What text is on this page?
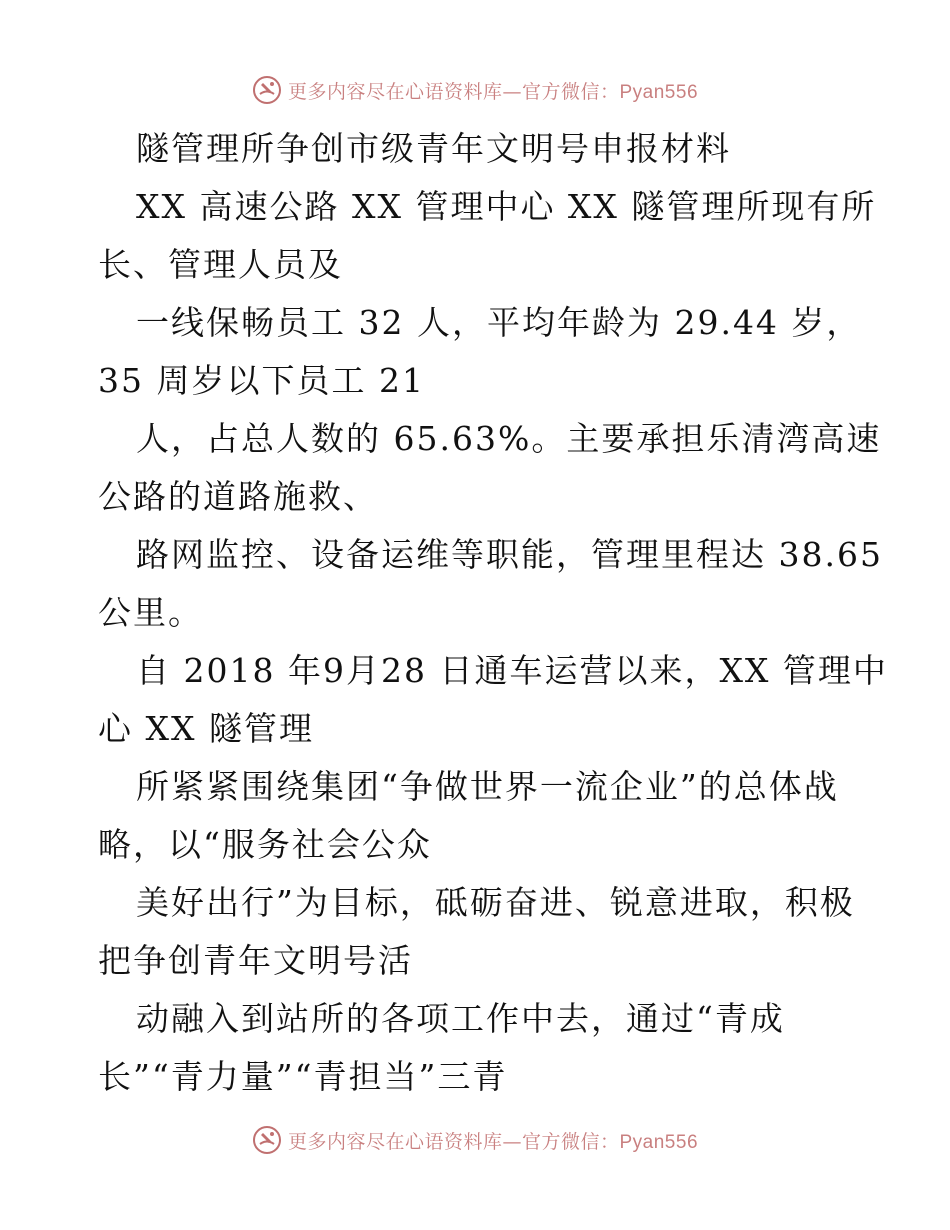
更多内容尽在心语资料库—官方微信：Pyan556
隧管理所争创市级青年文明号申报材料
XX 高速公路 XX 管理中心 XX 隧管理所现有所
长、管理人员及
一线保畅员工 32 人，平均年龄为 29.44 岁，
35 周岁以下员工 21
人，占总人数的 65.63%。主要承担乐清湾高速
公路的道路施救、
路网监控、设备运维等职能，管理里程达 38.65
公里。
自 2018 年9月28 日通车运营以来，XX 管理中
心 XX 隧管理
所紧紧围绕集团“争做世界一流企业”的总体战
略，以“服务社会公众
美好出行”为目标，砥砺奋进、锐意进取，积极
把争创青年文明号活
动融入到站所的各项工作中去，通过“青成
长”“青力量”“青担当”三青
更多内容尽在心语资料库—官方微信：Pyan556
